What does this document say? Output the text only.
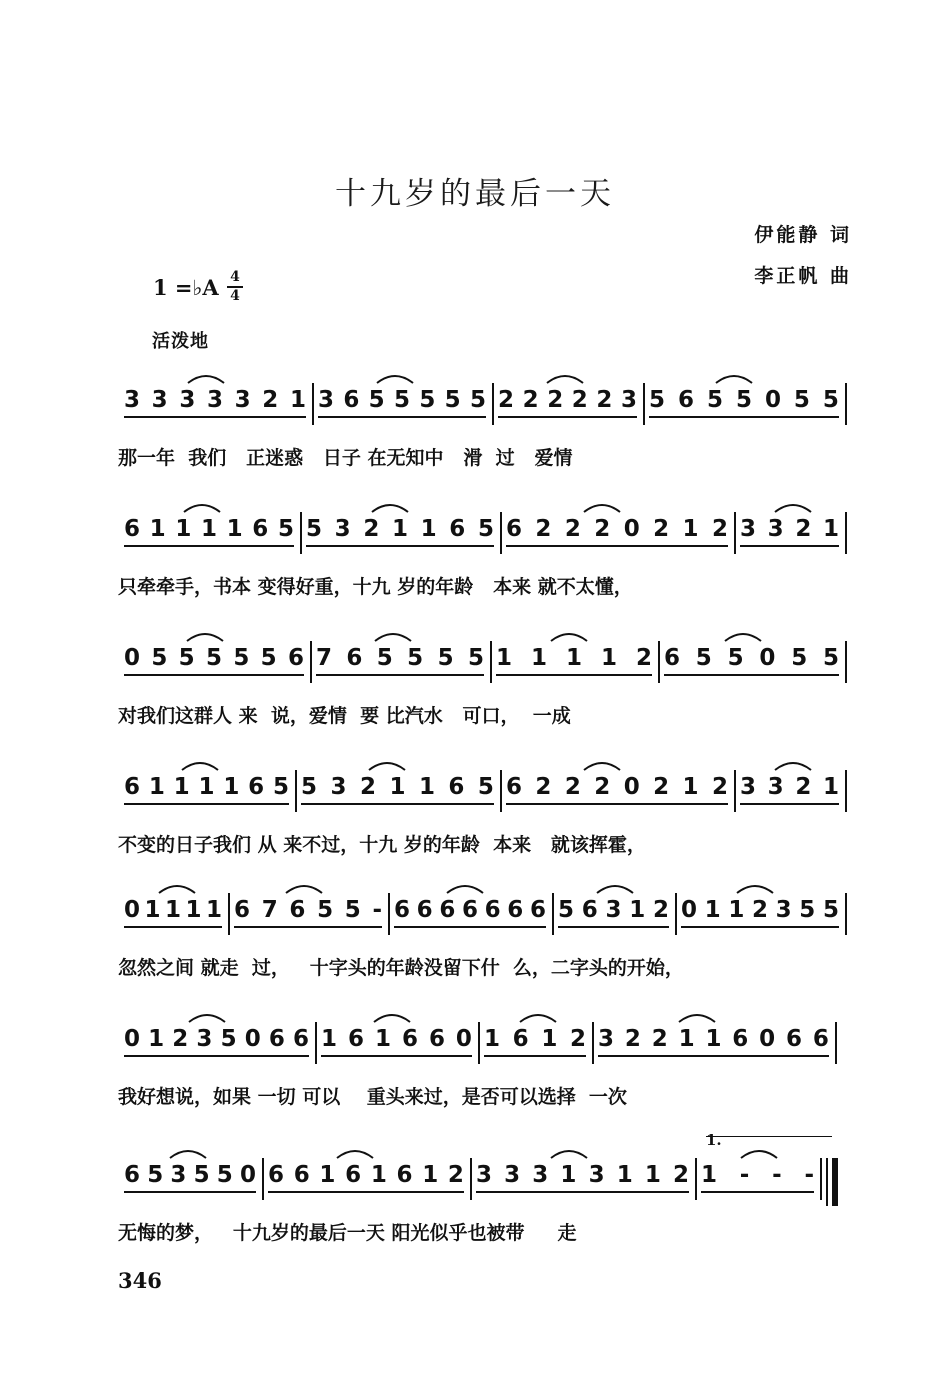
十九岁的最后一天
伊能静 词
李正帆 曲
1 =♭A 4
4
活泼地
3 3 3 3 3 2 1 3 6 5 5 5 5 5 2 2 2 2 2 3 5 6 5 5 0 5 5
那一年  我们   正迷惑   日子 在无知中   滑  过   爱情
6 1 1 1 1 6 5 5 3 2 1 1 6 5 6 2 2 2 0 2 1 2 3 3 2 1
只牵牵手，书本 变得好重，十九 岁的年龄   本来 就不太懂，
0 5 5 5 5 5 6 7 6 5 5 5 5 1 1 1 1 2 6 5 5 0 5 5
对我们这群人 来  说，爱情  要 比汽水   可口，  一成
6 1 1 1 1 6 5 5 3 2 1 1 6 5 6 2 2 2 0 2 1 2 3 3 2 1
不变的日子我们 从 来不过，十九 岁的年龄  本来   就该挥霍，
0 1 1 1 1 6 7 6 5 5 - 6 6 6 6 6 6 6 5 6 3 1 2 0 1 1 2 3 5 5
忽然之间 就走  过，   十字头的年龄没留下什  么，二字头的开始，
0 1 2 3 5 0 6 6 1 6 1 6 6 0 1 6 1 2 3 2 2 1 1 6 0 6 6
我好想说，如果 一切 可以    重头来过，是否可以选择  一次
6 5 3 5 5 0 6 6 1 6 1 6 1 2 3 3 3 1 3 1 1 2 1 - - -
无悔的梦，   十九岁的最后一天 阳光似乎也被带     走
1.
346
